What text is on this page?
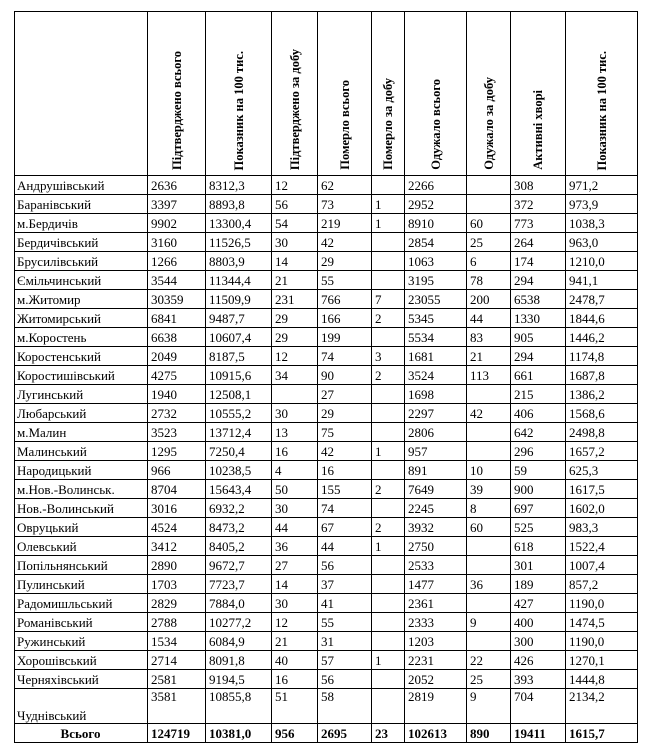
	Підтверджено всього	Показник на 100 тис.	Підтверджено за добу	Померло всього	Померло за добу	Одужало всього	Одужало за добу	Активні хворі	Показник на 100 тис.
Андрушівський	2636	8312,3	12	62		2266		308	971,2
Баранівський	3397	8893,8	56	73	1	2952		372	973,9
м.Бердичів	9902	13300,4	54	219	1	8910	60	773	1038,3
Бердичівський	3160	11526,5	30	42		2854	25	264	963,0
Брусилівський	1266	8803,9	14	29		1063	6	174	1210,0
Ємільчинський	3544	11344,4	21	55		3195	78	294	941,1
м.Житомир	30359	11509,9	231	766	7	23055	200	6538	2478,7
Житомирський	6841	9487,7	29	166	2	5345	44	1330	1844,6
м.Коростень	6638	10607,4	29	199		5534	83	905	1446,2
Коростенський	2049	8187,5	12	74	3	1681	21	294	1174,8
Коростишівський	4275	10915,6	34	90	2	3524	113	661	1687,8
Лугинський	1940	12508,1		27		1698		215	1386,2
Любарський	2732	10555,2	30	29		2297	42	406	1568,6
м.Малин	3523	13712,4	13	75		2806		642	2498,8
Малинський	1295	7250,4	16	42	1	957		296	1657,2
Народицький	966	10238,5	4	16		891	10	59	625,3
м.Нов.-Волинськ.	8704	15643,4	50	155	2	7649	39	900	1617,5
Нов.-Волинський	3016	6932,2	30	74		2245	8	697	1602,0
Овруцький	4524	8473,2	44	67	2	3932	60	525	983,3
Олевський	3412	8405,2	36	44	1	2750		618	1522,4
Попільнянський	2890	9672,7	27	56		2533		301	1007,4
Пулинський	1703	7723,7	14	37		1477	36	189	857,2
Радомишльський	2829	7884,0	30	41		2361		427	1190,0
Романівський	2788	10277,2	12	55		2333	9	400	1474,5
Ружинський	1534	6084,9	21	31		1203		300	1190,0
Хорошівський	2714	8091,8	40	57	1	2231	22	426	1270,1
Черняхівський	2581	9194,5	16	56		2052	25	393	1444,8
Чуднівський	3581	10855,8	51	58		2819	9	704	2134,2
Всього	124719	10381,0	956	2695	23	102613	890	19411	1615,7
